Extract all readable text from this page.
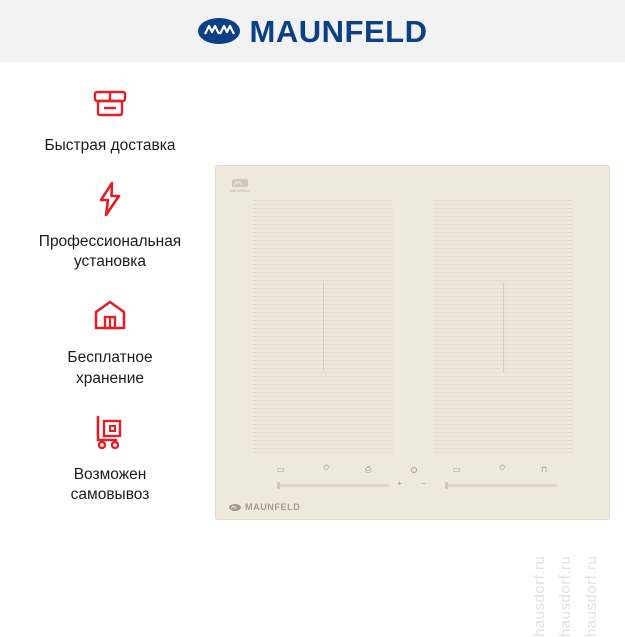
MAUNFELD
Быстрая доставка
Профессиональная
установка
Бесплатное
хранение
Возможен
самовывоз
MAUNFELD
▭	⏲	⎙	▭	⏲	⊓
+ −
MAUNFELD
hausdorf.ru
hausdorf.ru
hausdorf.ru
